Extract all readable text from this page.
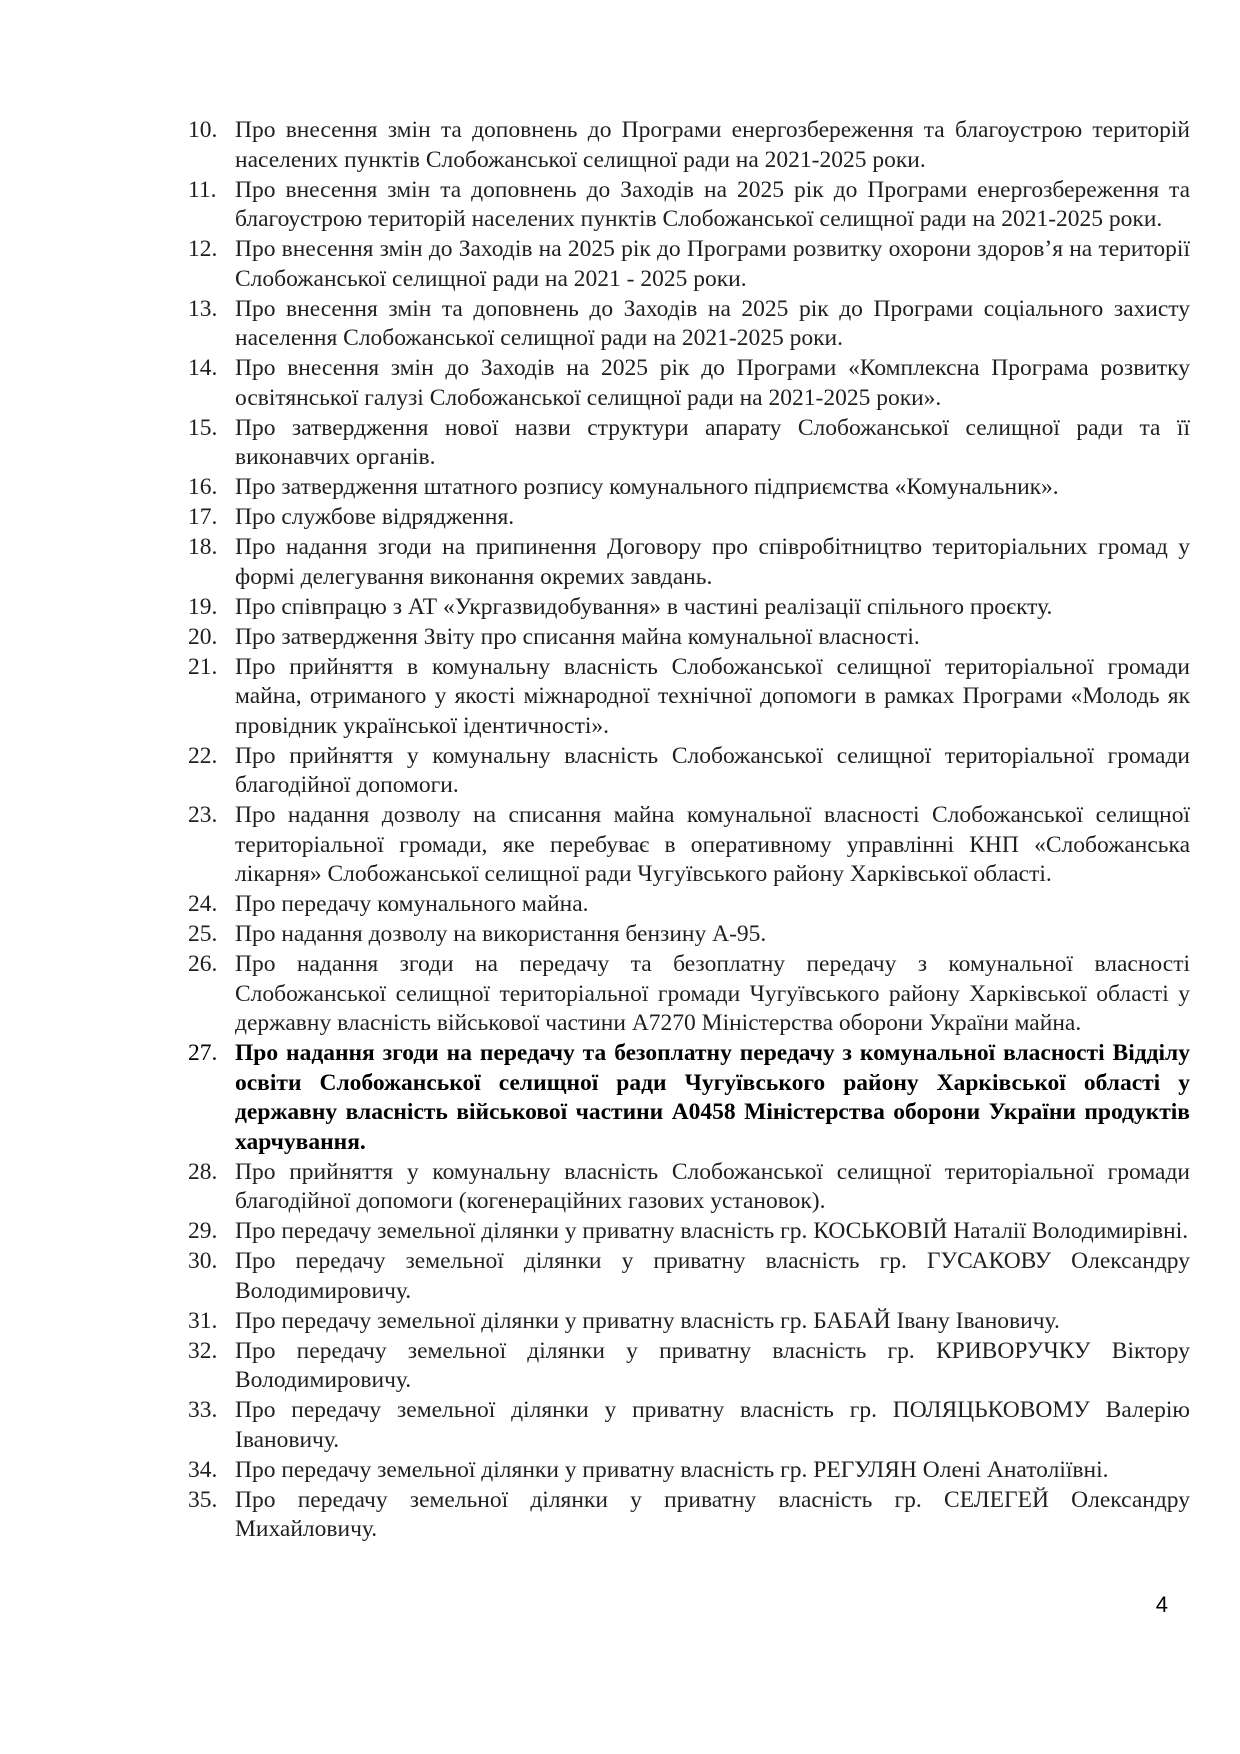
10. Про внесення змін та доповнень до Програми енергозбереження та благоустрою територій населених пунктів Слобожанської селищної ради на 2021-2025 роки.
11. Про внесення змін та доповнень до Заходів на 2025 рік до Програми енергозбереження та благоустрою територій населених пунктів Слобожанської селищної ради на 2021-2025 роки.
12. Про внесення змін до Заходів на 2025 рік до Програми розвитку охорони здоров’я на території Слобожанської селищної ради на 2021 - 2025 роки.
13. Про внесення змін та доповнень до Заходів на 2025 рік до Програми соціального захисту населення Слобожанської селищної ради на 2021-2025 роки.
14. Про внесення змін до Заходів на 2025 рік до Програми «Комплексна Програма розвитку освітянської галузі Слобожанської селищної ради на 2021-2025 роки».
15. Про затвердження нової назви структури апарату Слобожанської селищної ради та її виконавчих органів.
16. Про затвердження штатного розпису комунального підприємства «Комунальник».
17. Про службове відрядження.
18. Про надання згоди на припинення Договору про співробітництво територіальних громад у формі делегування виконання окремих завдань.
19. Про співпрацю з АТ «Укргазвидобування» в частині реалізації спільного проєкту.
20. Про затвердження Звіту про списання майна комунальної власності.
21. Про прийняття в комунальну власність Слобожанської селищної територіальної громади майна, отриманого у якості міжнародної технічної допомоги в рамках Програми «Молодь як провідник української ідентичності».
22. Про прийняття у комунальну власність Слобожанської селищної територіальної громади благодійної допомоги.
23. Про надання дозволу на списання майна комунальної власності Слобожанської селищної територіальної громади, яке перебуває в оперативному управлінні КНП «Слобожанська лікарня» Слобожанської селищної ради Чугуївського району Харківської області.
24. Про передачу комунального майна.
25. Про надання дозволу на використання бензину А-95.
26. Про надання згоди на передачу та безоплатну передачу з комунальної власності Слобожанської селищної територіальної громади Чугуївського району Харківської області у державну власність військової частини А7270 Міністерства оборони України майна.
27. Про надання згоди на передачу та безоплатну передачу з комунальної власності Відділу освіти Слобожанської селищної ради Чугуївського району Харківської області у державну власність військової частини А0458 Міністерства оборони України продуктів харчування.
28. Про прийняття у комунальну власність Слобожанської селищної територіальної громади благодійної допомоги (когенераційних газових установок).
29. Про передачу земельної ділянки у приватну власність гр. КОСЬКОВІЙ Наталії Володимирівні.
30. Про передачу земельної ділянки у приватну власність гр. ГУСАКОВУ Олександру Володимировичу.
31. Про передачу земельної ділянки у приватну власність гр. БАБАЙ Івану Івановичу.
32. Про передачу земельної ділянки у приватну власність гр. КРИВОРУЧКУ Віктору Володимировичу.
33. Про передачу земельної ділянки у приватну власність гр. ПОЛЯЦЬКОВОМУ Валерію Івановичу.
34. Про передачу земельної ділянки у приватну власність гр. РЕГУЛЯН Олені Анатоліївні.
35. Про передачу земельної ділянки у приватну власність гр. СЕЛЕГЕЙ Олександру Михайловичу.
4
